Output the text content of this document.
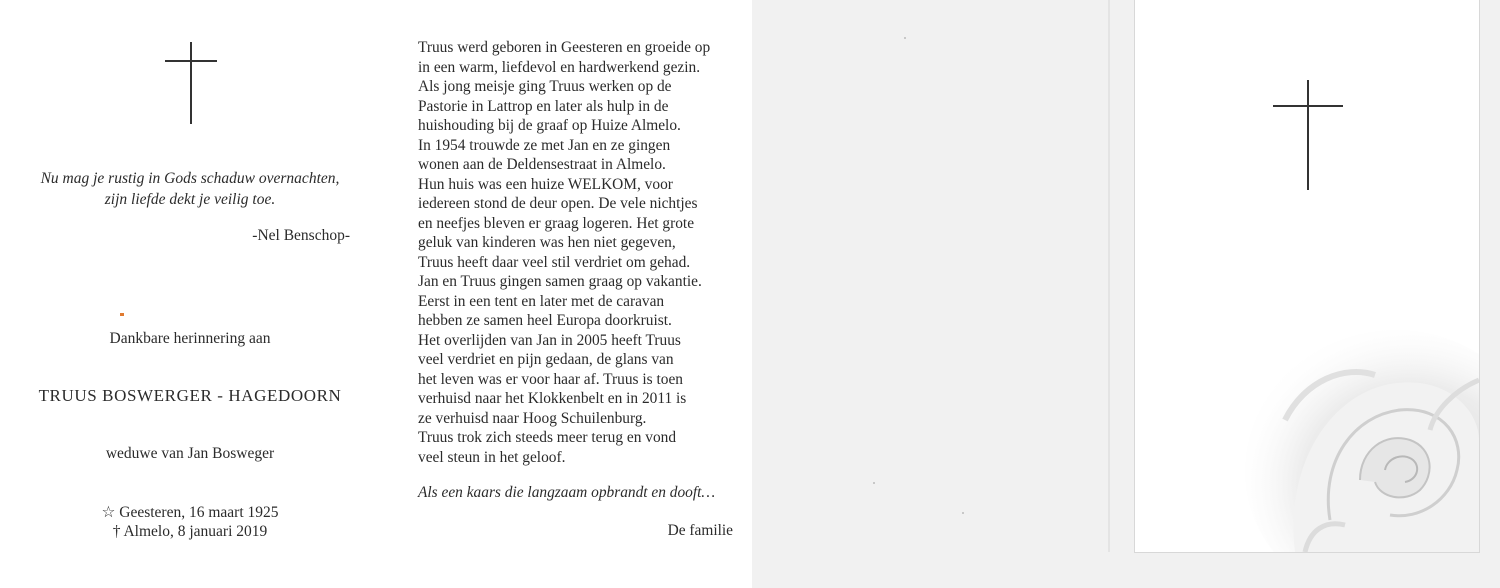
Nu mag je rustig in Gods schaduw overnachten,
zijn liefde dekt je veilig toe.
-Nel Benschop-
Dankbare herinnering aan
TRUUS BOSWERGER - HAGEDOORN
weduwe van Jan Bosweger
☆ Geesteren, 16 maart 1925
† Almelo, 8 januari 2019
Truus werd geboren in Geesteren en groeide op
in een warm, liefdevol en hardwerkend gezin.
Als jong meisje ging Truus werken op de
Pastorie in Lattrop en later als hulp in de
huishouding bij de graaf op Huize Almelo.
In 1954 trouwde ze met Jan en ze gingen
wonen aan de Deldensestraat in Almelo.
Hun huis was een huize WELKOM, voor
iedereen stond de deur open. De vele nichtjes
en neefjes bleven er graag logeren. Het grote
geluk van kinderen was hen niet gegeven,
Truus heeft daar veel stil verdriet om gehad.
Jan en Truus gingen samen graag op vakantie.
Eerst in een tent en later met de caravan
hebben ze samen heel Europa doorkruist.
Het overlijden van Jan in 2005 heeft Truus
veel verdriet en pijn gedaan, de glans van
het leven was er voor haar af. Truus is toen
verhuisd naar het Klokkenbelt en in 2011 is
ze verhuisd naar Hoog Schuilenburg.
Truus trok zich steeds meer terug en vond
veel steun in het geloof.
Als een kaars die langzaam opbrandt en dooft…
De familie
